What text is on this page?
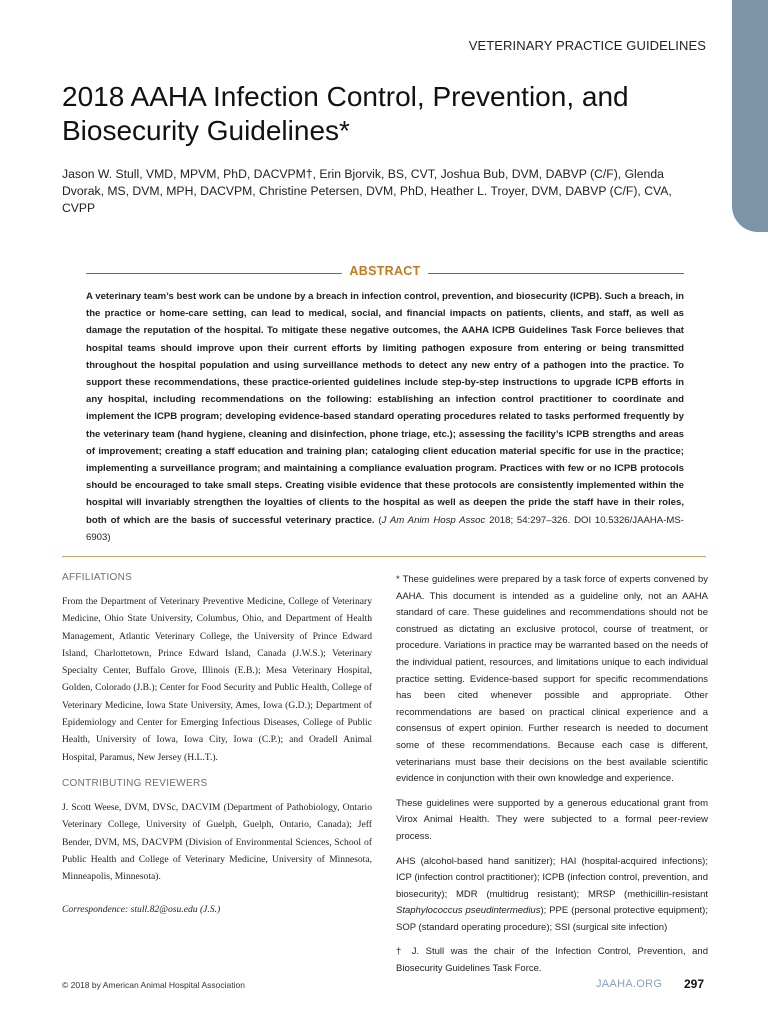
VETERINARY PRACTICE GUIDELINES
2018 AAHA Infection Control, Prevention, and Biosecurity Guidelines*

Jason W. Stull, VMD, MPVM, PhD, DACVPM†, Erin Bjorvik, BS, CVT, Joshua Bub, DVM, DABVP (C/F), Glenda Dvorak, MS, DVM, MPH, DACVPM, Christine Petersen, DVM, PhD, Heather L. Troyer, DVM, DABVP (C/F), CVA, CVPP

ABSTRACT

A veterinary team’s best work can be undone by a breach in infection control, prevention, and biosecurity (ICPB). Such a breach, in the practice or home-care setting, can lead to medical, social, and financial impacts on patients, clients, and staff, as well as damage the reputation of the hospital. To mitigate these negative outcomes, the AAHA ICPB Guidelines Task Force believes that hospital teams should improve upon their current efforts by limiting pathogen exposure from entering or being transmitted throughout the hospital population and using surveillance methods to detect any new entry of a pathogen into the practice. To support these recommendations, these practice-oriented guidelines include step-by-step instructions to upgrade ICPB efforts in any hospital, including recommendations on the following: establishing an infection control practitioner to coordinate and implement the ICPB program; developing evidence-based standard operating procedures related to tasks performed frequently by the veterinary team (hand hygiene, cleaning and disinfection, phone triage, etc.); assessing the facility’s ICPB strengths and areas of improvement; creating a staff education and training plan; cataloging client education material specific for use in the practice; implementing a surveillance program; and maintaining a compliance evaluation program. Practices with few or no ICPB protocols should be encouraged to take small steps. Creating visible evidence that these protocols are consistently implemented within the hospital will invariably strengthen the loyalties of clients to the hospital as well as deepen the pride the staff have in their roles, both of which are the basis of successful veterinary practice. (J Am Anim Hosp Assoc 2018; 54:297–326. DOI 10.5326/JAAHA-MS-6903)

AFFILIATIONS

From the Department of Veterinary Preventive Medicine, College of Veterinary Medicine, Ohio State University, Columbus, Ohio, and Department of Health Management, Atlantic Veterinary College, the University of Prince Edward Island, Charlottetown, Prince Edward Island, Canada (J.W.S.); Veterinary Specialty Center, Buffalo Grove, Illinois (E.B.); Mesa Veterinary Hospital, Golden, Colorado (J.B.); Center for Food Security and Public Health, College of Veterinary Medicine, Iowa State University, Ames, Iowa (G.D.); Department of Epidemiology and Center for Emerging Infectious Diseases, College of Public Health, University of Iowa, Iowa City, Iowa (C.P.); and Oradell Animal Hospital, Paramus, New Jersey (H.L.T.).

CONTRIBUTING REVIEWERS

J. Scott Weese, DVM, DVSc, DACVIM (Department of Pathobiology, Ontario Veterinary College, University of Guelph, Guelph, Ontario, Canada); Jeff Bender, DVM, MS, DACVPM (Division of Environmental Sciences, School of Public Health and College of Veterinary Medicine, University of Minnesota, Minneapolis, Minnesota).

Correspondence: stull.82@osu.edu (J.S.)

* These guidelines were prepared by a task force of experts convened by AAHA. This document is intended as a guideline only, not an AAHA standard of care. These guidelines and recommendations should not be construed as dictating an exclusive protocol, course of treatment, or procedure. Variations in practice may be warranted based on the needs of the individual patient, resources, and limitations unique to each individual practice setting. Evidence-based support for specific recommendations has been cited whenever possible and appropriate. Other recommendations are based on practical clinical experience and a consensus of expert opinion. Further research is needed to document some of these recommendations. Because each case is different, veterinarians must base their decisions on the best available scientific evidence in conjunction with their own knowledge and experience.

These guidelines were supported by a generous educational grant from Virox Animal Health. They were subjected to a formal peer-review process.

AHS (alcohol-based hand sanitizer); HAI (hospital-acquired infections); ICP (infection control practitioner); ICPB (infection control, prevention, and biosecurity); MDR (multidrug resistant); MRSP (methicillin-resistant Staphylococcus pseudintermedius); PPE (personal protective equipment); SOP (standard operating procedure); SSI (surgical site infection)

† J. Stull was the chair of the Infection Control, Prevention, and Biosecurity Guidelines Task Force.

© 2018 by American Animal Hospital Association	JAAHA.ORG 297
